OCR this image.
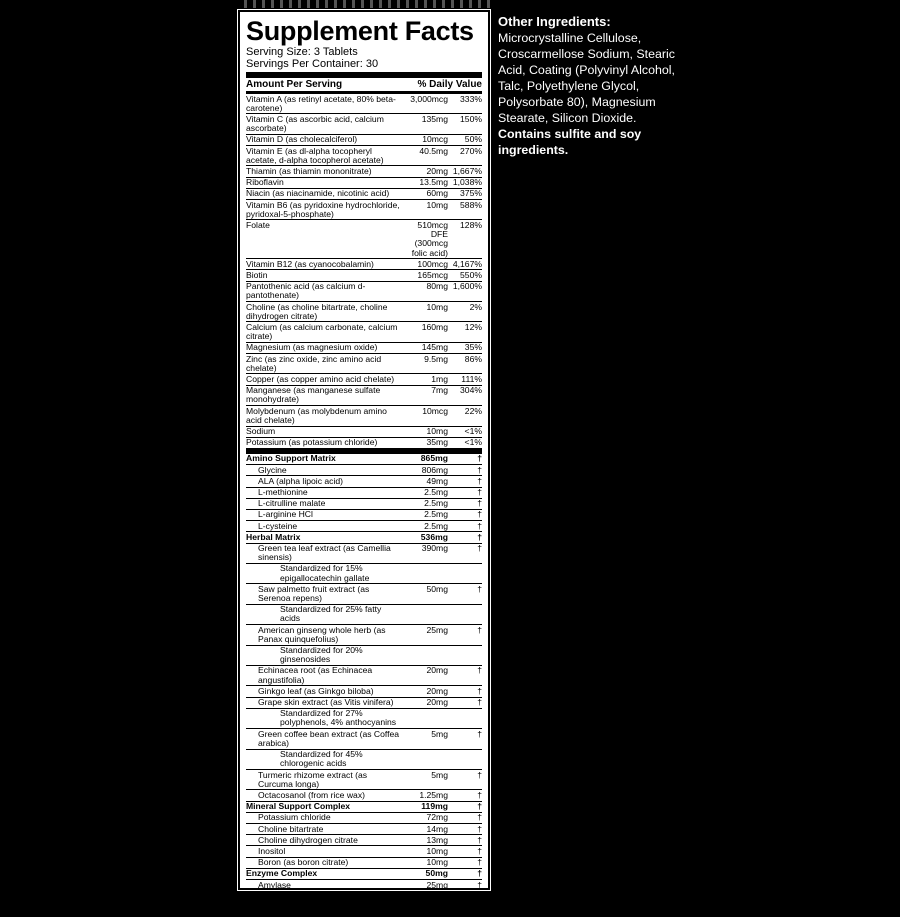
Supplement Facts
Serving Size: 3 Tablets
Servings Per Container: 30
Amount Per Serving	% Daily Value
Vitamin A (as retinyl acetate, 80% beta-carotene)
3,000mcg	333%
Vitamin C (as ascorbic acid, calcium ascorbate)
135mg	150%
Vitamin D (as cholecalciferol)	10mcg	50%
Vitamin E (as dl-alpha tocopheryl acetate, d-alpha tocopherol acetate)
40.5mg	270%
Thiamin (as thiamin mononitrate)	20mg 1,667%
Riboflavin	13.5mg 1,038%
Niacin (as niacinamide, nicotinic acid)	60mg	375%
Vitamin B6 (as pyridoxine hydrochloride, pyridoxal-5-phosphate)
10mg	588%
Folate	510mcg DFE (300mcg folic acid)
128%
Vitamin B12 (as cyanocobalamin)	100mcg 4,167%
Biotin	165mcg	550%
Pantothenic acid (as calcium d-pantothenate)
80mg 1,600%
Choline (as choline bitartrate, choline dihydrogen citrate)
10mg	2%
Calcium (as calcium carbonate, calcium citrate)
160mg	12%
Magnesium (as magnesium oxide)	145mg	35%
Zinc (as zinc oxide, zinc amino acid chelate)
9.5mg	86%
Copper (as copper amino acid chelate)	1mg	111%
Manganese (as manganese sulfate monohydrate)
7mg	304%
Molybdenum (as molybdenum amino acid chelate)
10mcg	22%
Sodium	10mg	<1%
Potassium (as potassium chloride)	35mg	<1%
Amino Support Matrix	865mg	†
Glycine	806mg	†
ALA (alpha lipoic acid)	49mg	†
L-methionine	2.5mg	†
L-citrulline malate	2.5mg	†
L-arginine HCl	2.5mg	†
L-cysteine	2.5mg	†
Herbal Matrix	536mg	†
Green tea leaf extract (as Camellia sinensis)
390mg	†
Standardized for 15% epigallocatechin gallate
Saw palmetto fruit extract (as Serenoa repens)
50mg	†
Standardized for 25% fatty acids
American ginseng whole herb (as Panax quinquefolius)
25mg	†
Standardized for 20% ginsenosides
Echinacea root (as Echinacea angustifolia)
20mg	†
Ginkgo leaf (as Ginkgo biloba)	20mg	†
Grape skin extract (as Vitis vinifera)	20mg	†
Standardized for 27% polyphenols, 4% anthocyanins
Green coffee bean extract (as Coffea arabica)
5mg	†
Standardized for 45% chlorogenic acids
Turmeric rhizome extract (as Curcuma longa)
5mg	†
Octacosanol (from rice wax)	1.25mg	†
Mineral Support Complex	119mg	†
Potassium chloride	72mg	†
Choline bitartrate	14mg	†
Choline dihydrogen citrate	13mg	†
Inositol	10mg	†
Boron (as boron citrate)	10mg	†
Enzyme Complex	50mg	†
Amylase	25mg	†
Papain	25mg	†
† Daily Value not established.
Other Ingredients:
Microcrystalline Cellulose, Croscarmellose Sodium, Stearic Acid, Coating (Polyvinyl Alcohol, Talc, Polyethylene Glycol, Polysorbate 80), Magnesium Stearate, Silicon Dioxide. Contains sulfite and soy ingredients.
